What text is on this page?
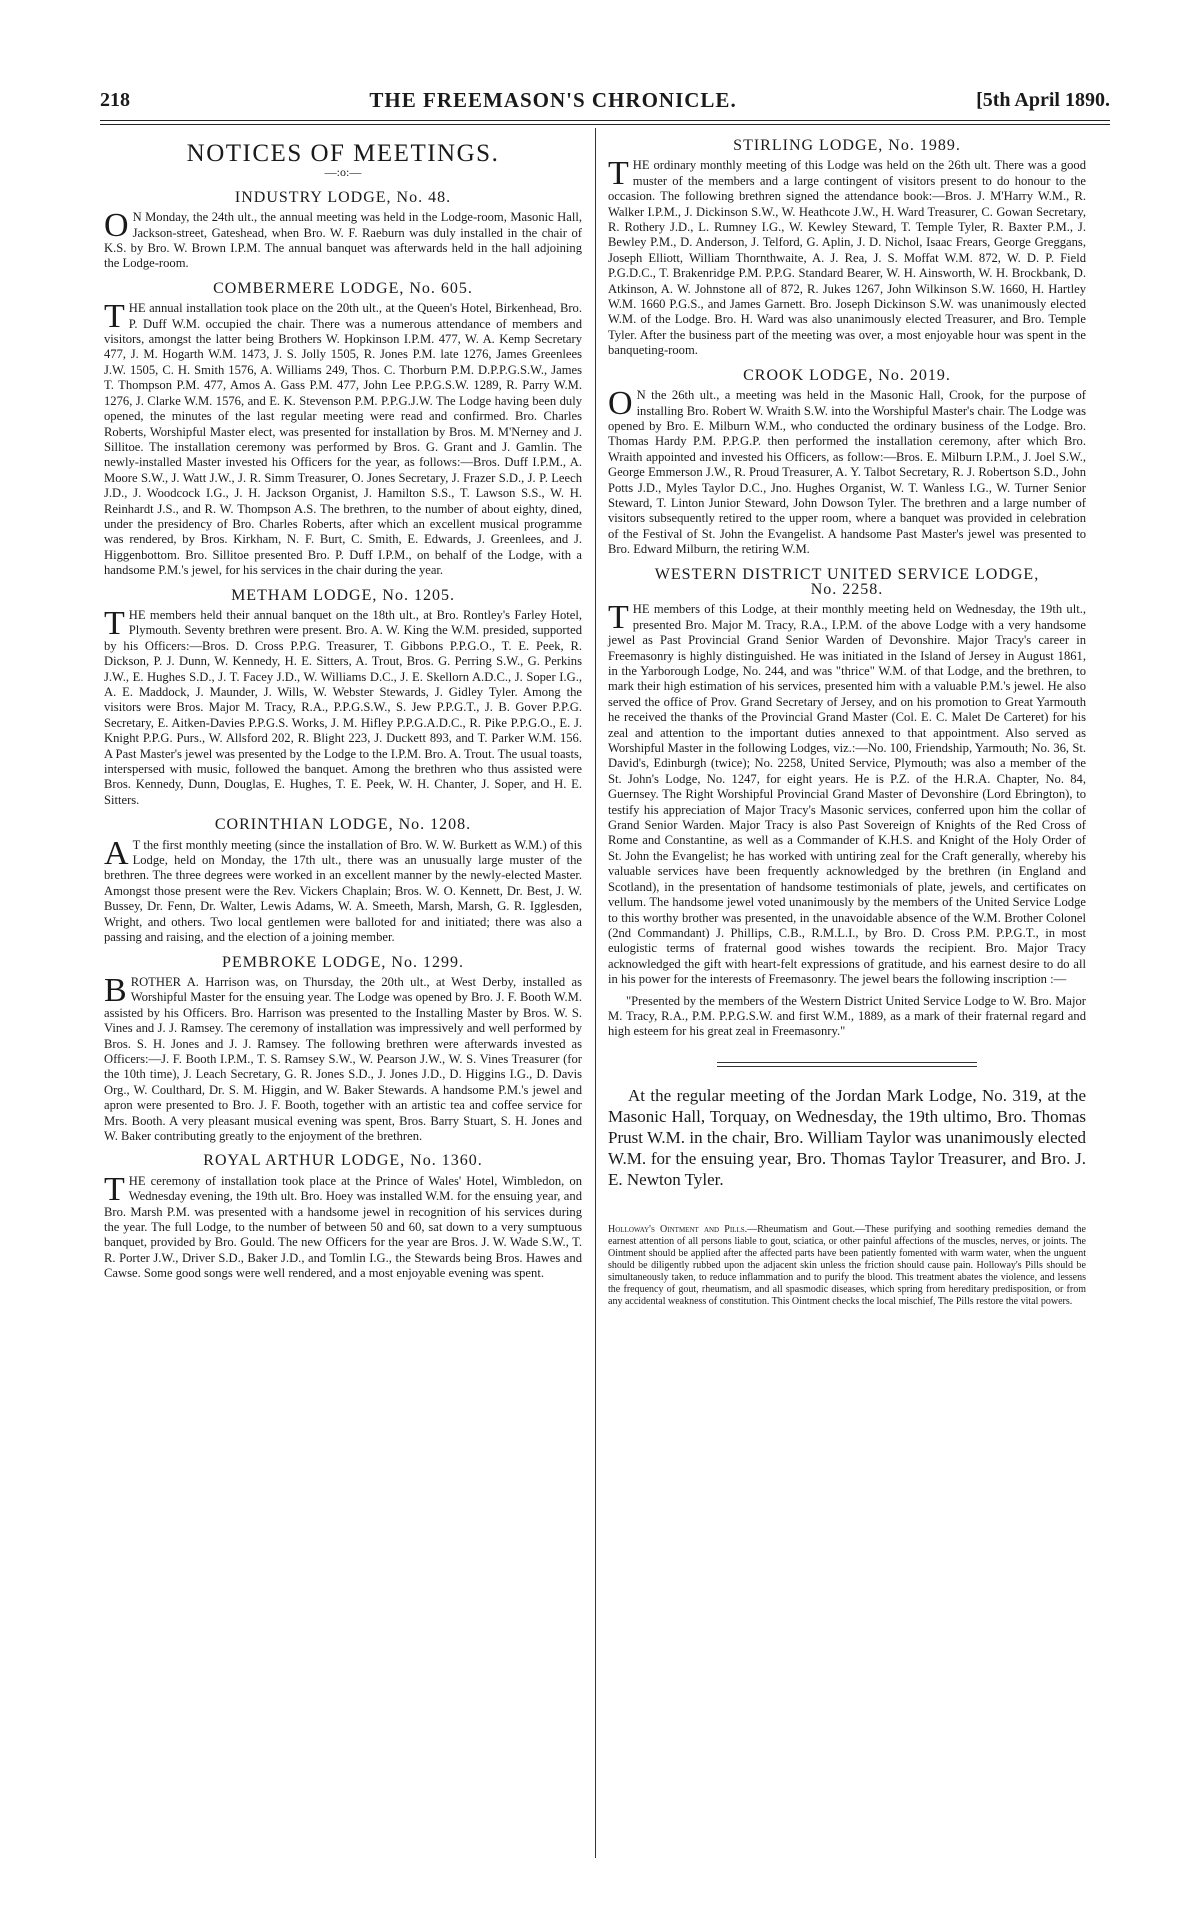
218	THE FREEMASON'S CHRONICLE.	[5th April 1890.
NOTICES OF MEETINGS.
—:o:—
INDUSTRY LODGE, No. 48.

O N Monday, the 24th ult., the annual meeting was held in the Lodge-room, Masonic Hall, Jackson-street, Gateshead, when Bro. W. F. Raeburn was duly installed in the chair of K.S. by Bro. W. Brown I.P.M. The annual banquet was afterwards held in the hall adjoining the Lodge-room.

COMBERMERE LODGE, No. 605.

THE annual installation took place on the 20th ult., at the Queen's Hotel, Birkenhead, Bro. P. Duff W.M. occupied the chair. There was a numerous attendance of members and visitors, amongst the latter being Brothers W. Hopkinson I.P.M. 477, W. A. Kemp Secretary 477, J. M. Hogarth W.M. 1473, J. S. Jolly 1505, R. Jones P.M. late 1276, James Greenlees J.W. 1505, C. H. Smith 1576, A. Williams 249, Thos. C. Thorburn P.M. D.P.P.G.S.W., James T. Thompson P.M. 477, Amos A. Gass P.M. 477, John Lee P.P.G.S.W. 1289, R. Parry W.M. 1276, J. Clarke W.M. 1576, and E. K. Stevenson P.M. P.P.G.J.W. The Lodge having been duly opened, the minutes of the last regular meeting were read and confirmed. Bro. Charles Roberts, Worshipful Master elect, was presented for installation by Bros. M. M'Nerney and J. Sillitoe. The installation ceremony was performed by Bros. G. Grant and J. Gamlin. The newly-installed Master invested his Officers for the year, as follows:—Bros. Duff I.P.M., A. Moore S.W., J. Watt J.W., J. R. Simm Treasurer, O. Jones Secretary, J. Frazer S.D., J. P. Leech J.D., J. Woodcock I.G., J. H. Jackson Organist, J. Hamilton S.S., T. Lawson S.S., W. H. Reinhardt J.S., and R. W. Thompson A.S. The brethren, to the number of about eighty, dined, under the presidency of Bro. Charles Roberts, after which an excellent musical programme was rendered, by Bros. Kirkham, N. F. Burt, C. Smith, E. Edwards, J. Greenlees, and J. Higgenbottom. Bro. Sillitoe presented Bro. P. Duff I.P.M., on behalf of the Lodge, with a handsome P.M.'s jewel, for his services in the chair during the year.

METHAM LODGE, No. 1205.

THE members held their annual banquet on the 18th ult., at Bro. Rontley's Farley Hotel, Plymouth. Seventy brethren were present. Bro. A. W. King the W.M. presided, supported by his Officers:—Bros. D. Cross P.P.G. Treasurer, T. Gibbons P.P.G.O., T. E. Peek, R. Dickson, P. J. Dunn, W. Kennedy, H. E. Sitters, A. Trout, Bros. G. Perring S.W., G. Perkins J.W., E. Hughes S.D., J. T. Facey J.D., W. Williams D.C., J. E. Skellorn A.D.C., J. Soper I.G., A. E. Maddock, J. Maunder, J. Wills, W. Webster Stewards, J. Gidley Tyler. Among the visitors were Bros. Major M. Tracy, R.A., P.P.G.S.W., S. Jew P.P.G.T., J. B. Gover P.P.G. Secretary, E. Aitken-Davies P.P.G.S. Works, J. M. Hifley P.P.G.A.D.C., R. Pike P.P.G.O., E. J. Knight P.P.G. Purs., W. Allsford 202, R. Blight 223, J. Duckett 893, and T. Parker W.M. 156. A Past Master's jewel was presented by the Lodge to the I.P.M. Bro. A. Trout. The usual toasts, interspersed with music, followed the banquet. Among the brethren who thus assisted were Bros. Kennedy, Dunn, Douglas, E. Hughes, T. E. Peek, W. H. Chanter, J. Soper, and H. E. Sitters.

CORINTHIAN LODGE, No. 1208.

A T the first monthly meeting (since the installation of Bro. W. W. Burkett as W.M.) of this Lodge, held on Monday, the 17th ult., there was an unusually large muster of the brethren. The three degrees were worked in an excellent manner by the newly-elected Master. Amongst those present were the Rev. Vickers Chaplain; Bros. W. O. Kennett, Dr. Best, J. W. Bussey, Dr. Fenn, Dr. Walter, Lewis Adams, W. A. Smeeth, Marsh, Marsh, G. R. Igglesden, Wright, and others. Two local gentlemen were balloted for and initiated; there was also a passing and raising, and the election of a joining member.

PEMBROKE LODGE, No. 1299.

BROTHER A. Harrison was, on Thursday, the 20th ult., at West Derby, installed as Worshipful Master for the ensuing year. The Lodge was opened by Bro. J. F. Booth W.M. assisted by his Officers. Bro. Harrison was presented to the Installing Master by Bros. W. S. Vines and J. J. Ramsey. The ceremony of installation was impressively and well performed by Bros. S. H. Jones and J. J. Ramsey. The following brethren were afterwards invested as Officers:—J. F. Booth I.P.M., T. S. Ramsey S.W., W. Pearson J.W., W. S. Vines Treasurer (for the 10th time), J. Leach Secretary, G. R. Jones S.D., J. Jones J.D., D. Higgins I.G., D. Davis Org., W. Coulthard, Dr. S. M. Higgin, and W. Baker Stewards. A handsome P.M.'s jewel and apron were presented to Bro. J. F. Booth, together with an artistic tea and coffee service for Mrs. Booth. A very pleasant musical evening was spent, Bros. Barry Stuart, S. H. Jones and W. Baker contributing greatly to the enjoyment of the brethren.

ROYAL ARTHUR LODGE, No. 1360.

THE ceremony of installation took place at the Prince of Wales' Hotel, Wimbledon, on Wednesday evening, the 19th ult. Bro. Hoey was installed W.M. for the ensuing year, and Bro. Marsh P.M. was presented with a handsome jewel in recognition of his services during the year. The full Lodge, to the number of between 50 and 60, sat down to a very sumptuous banquet, provided by Bro. Gould. The new Officers for the year are Bros. J. W. Wade S.W., T. R. Porter J.W., Driver S.D., Baker J.D., and Tomlin I.G., the Stewards being Bros. Hawes and Cawse. Some good songs were well rendered, and a most enjoyable evening was spent.

STIRLING LODGE, No. 1989.

THE ordinary monthly meeting of this Lodge was held on the 26th ult. There was a good muster of the members and a large contingent of visitors present to do honour to the occasion. The following brethren signed the attendance book:—Bros. J. M'Harry W.M., R. Walker I.P.M., J. Dickinson S.W., W. Heathcote J.W., H. Ward Treasurer, C. Gowan Secretary, R. Rothery J.D., L. Rumney I.G., W. Kewley Steward, T. Temple Tyler, R. Baxter P.M., J. Bewley P.M., D. Anderson, J. Telford, G. Aplin, J. D. Nichol, Isaac Frears, George Greggans, Joseph Elliott, William Thornthwaite, A. J. Rea, J. S. Moffat W.M. 872, W. D. P. Field P.G.D.C., T. Brakenridge P.M. P.P.G. Standard Bearer, W. H. Ainsworth, W. H. Brockbank, D. Atkinson, A. W. Johnstone all of 872, R. Jukes 1267, John Wilkinson S.W. 1660, H. Hartley W.M. 1660 P.G.S., and James Garnett. Bro. Joseph Dickinson S.W. was unanimously elected W.M. of the Lodge. Bro. H. Ward was also unanimously elected Treasurer, and Bro. Temple Tyler. After the business part of the meeting was over, a most enjoyable hour was spent in the banqueting-room.

CROOK LODGE, No. 2019.

O N the 26th ult., a meeting was held in the Masonic Hall, Crook, for the purpose of installing Bro. Robert W. Wraith S.W. into the Worshipful Master's chair. The Lodge was opened by Bro. E. Milburn W.M., who conducted the ordinary business of the Lodge. Bro. Thomas Hardy P.M. P.P.G.P. then performed the installation ceremony, after which Bro. Wraith appointed and invested his Officers, as follow:—Bros. E. Milburn I.P.M., J. Joel S.W., George Emmerson J.W., R. Proud Treasurer, A. Y. Talbot Secretary, R. J. Robertson S.D., John Potts J.D., Myles Taylor D.C., Jno. Hughes Organist, W. T. Wanless I.G., W. Turner Senior Steward, T. Linton Junior Steward, John Dowson Tyler. The brethren and a large number of visitors subsequently retired to the upper room, where a banquet was provided in celebration of the Festival of St. John the Evangelist. A handsome Past Master's jewel was presented to Bro. Edward Milburn, the retiring W.M.

WESTERN DISTRICT UNITED SERVICE LODGE,
No. 2258.

THE members of this Lodge, at their monthly meeting held on Wednesday, the 19th ult., presented Bro. Major M. Tracy, R.A., I.P.M. of the above Lodge with a very handsome jewel as Past Provincial Grand Senior Warden of Devonshire. Major Tracy's career in Freemasonry is highly distinguished. He was initiated in the Island of Jersey in August 1861, in the Yarborough Lodge, No. 244, and was "thrice" W.M. of that Lodge, and the brethren, to mark their high estimation of his services, presented him with a valuable P.M.'s jewel. He also served the office of Prov. Grand Secretary of Jersey, and on his promotion to Great Yarmouth he received the thanks of the Provincial Grand Master (Col. E. C. Malet De Carteret) for his zeal and attention to the important duties annexed to that appointment. Also served as Worshipful Master in the following Lodges, viz.:—No. 100, Friendship, Yarmouth; No. 36, St. David's, Edinburgh (twice); No. 2258, United Service, Plymouth; was also a member of the St. John's Lodge, No. 1247, for eight years. He is P.Z. of the H.R.A. Chapter, No. 84, Guernsey. The Right Worshipful Provincial Grand Master of Devonshire (Lord Ebrington), to testify his appreciation of Major Tracy's Masonic services, conferred upon him the collar of Grand Senior Warden. Major Tracy is also Past Sovereign of Knights of the Red Cross of Rome and Constantine, as well as a Commander of K.H.S. and Knight of the Holy Order of St. John the Evangelist; he has worked with untiring zeal for the Craft generally, whereby his valuable services have been frequently acknowledged by the brethren (in England and Scotland), in the presentation of handsome testimonials of plate, jewels, and certificates on vellum. The handsome jewel voted unanimously by the members of the United Service Lodge to this worthy brother was presented, in the unavoidable absence of the W.M. Brother Colonel (2nd Commandant) J. Phillips, C.B., R.M.L.I., by Bro. D. Cross P.M. P.P.G.T., in most eulogistic terms of fraternal good wishes towards the recipient. Bro. Major Tracy acknowledged the gift with heart-felt expressions of gratitude, and his earnest desire to do all in his power for the interests of Freemasonry. The jewel bears the following inscription :—

"Presented by the members of the Western District United Service Lodge to W. Bro. Major M. Tracy, R.A., P.M. P.P.G.S.W. and first W.M., 1889, as a mark of their fraternal regard and high esteem for his great zeal in Freemasonry."

At the regular meeting of the Jordan Mark Lodge, No. 319, at the Masonic Hall, Torquay, on Wednesday, the 19th ultimo, Bro. Thomas Prust W.M. in the chair, Bro. William Taylor was unanimously elected W.M. for the ensuing year, Bro. Thomas Taylor Treasurer, and Bro. J. E. Newton Tyler.

Holloway's Ointment and Pills.—Rheumatism and Gout.—These purifying and soothing remedies demand the earnest attention of all persons liable to gout, sciatica, or other painful affections of the muscles, nerves, or joints. The Ointment should be applied after the affected parts have been patiently fomented with warm water, when the unguent should be diligently rubbed upon the adjacent skin unless the friction should cause pain. Holloway's Pills should be simultaneously taken, to reduce inflammation and to purify the blood. This treatment abates the violence, and lessens the frequency of gout, rheumatism, and all spasmodic diseases, which spring from hereditary predisposition, or from any accidental weakness of constitution. This Ointment checks the local mischief, The Pills restore the vital powers.
